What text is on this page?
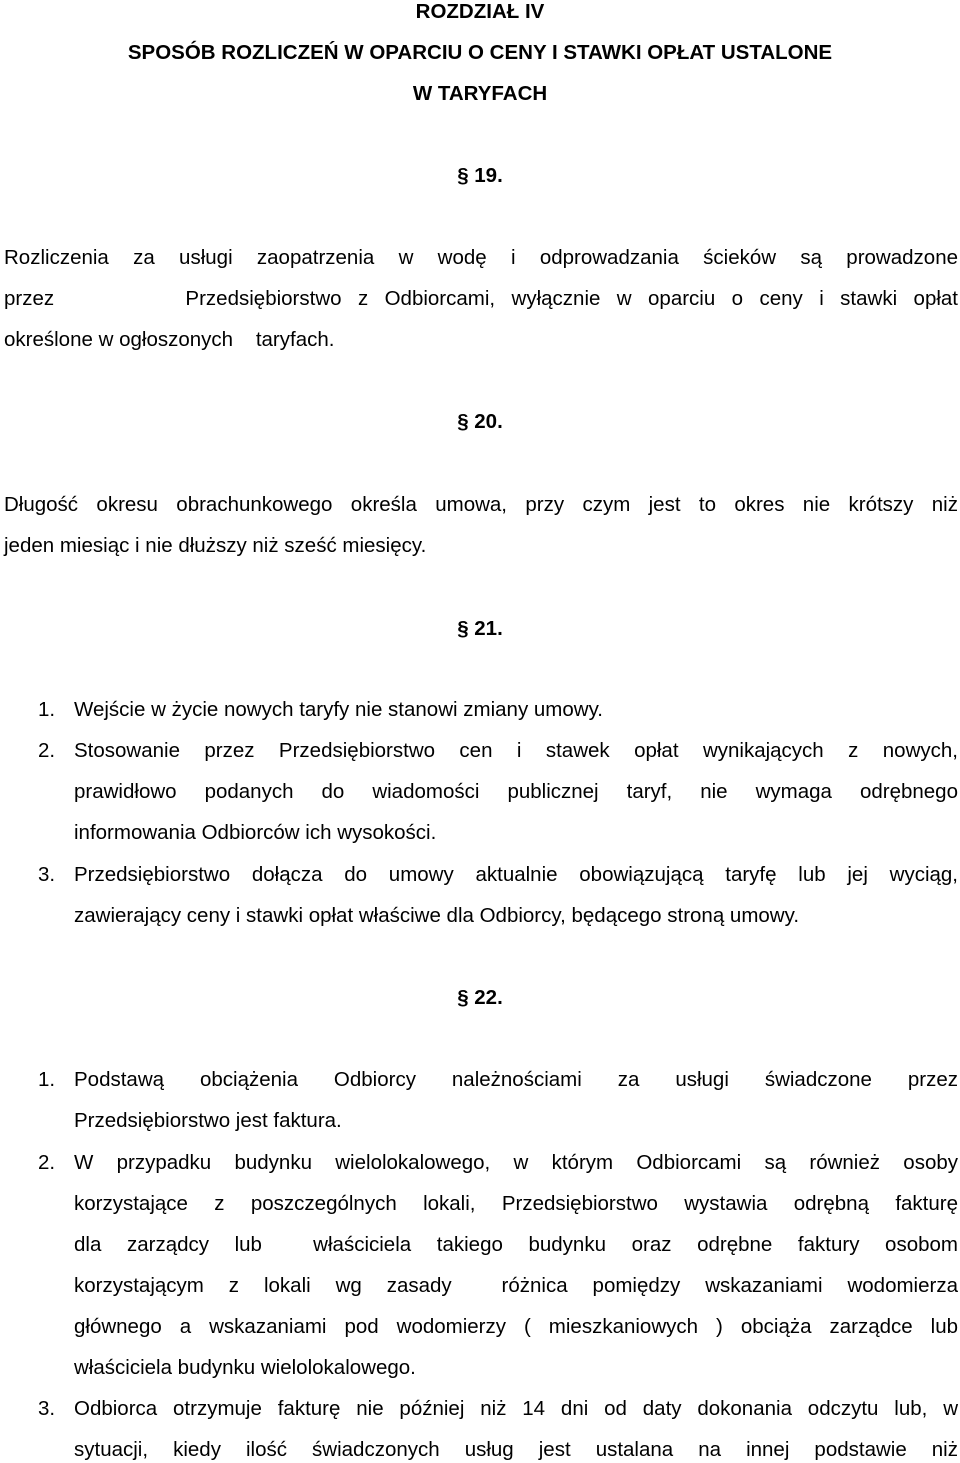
ROZDZIAŁ IV
SPOSÓB ROZLICZEŃ W OPARCIU O CENY I STAWKI OPŁAT USTALONE
W TARYFACH
§ 19.
Rozliczenia za usługi zaopatrzenia w wodę i odprowadzania ścieków są prowadzone
przez        Przedsiębiorstwo z Odbiorcami, wyłącznie w oparciu o ceny i stawki opłat
określone w ogłoszonych    taryfach.
§ 20.
Długość okresu obrachunkowego określa umowa, przy czym jest to okres nie krótszy niż
jeden miesiąc i nie dłuższy niż sześć miesięcy.
§ 21.
1. Wejście w życie nowych taryfy nie stanowi zmiany umowy.
2. Stosowanie przez Przedsiębiorstwo cen i stawek opłat wynikających z nowych,
prawidłowo podanych do wiadomości publicznej taryf, nie wymaga odrębnego
informowania Odbiorców ich wysokości.
3. Przedsiębiorstwo dołącza do umowy aktualnie obowiązującą taryfę lub jej wyciąg,
zawierający ceny i stawki opłat właściwe dla Odbiorcy, będącego stroną umowy.
§ 22.
1. Podstawą obciążenia Odbiorcy należnościami za usługi świadczone przez
Przedsiębiorstwo jest faktura.
2. W przypadku budynku wielolokalowego, w którym Odbiorcami są również osoby
korzystające z poszczególnych lokali, Przedsiębiorstwo wystawia odrębną fakturę
dla zarządcy lub  właściciela takiego budynku oraz odrębne faktury osobom
korzystającym z lokali wg zasady  różnica pomiędzy wskazaniami wodomierza
głównego a wskazaniami pod wodomierzy ( mieszkaniowych ) obciąża zarządce lub
właściciela budynku wielolokalowego.
3. Odbiorca otrzymuje fakturę nie później niż 14 dni od daty dokonania odczytu lub, w
sytuacji, kiedy ilość świadczonych usług jest ustalana na innej podstawie niż
